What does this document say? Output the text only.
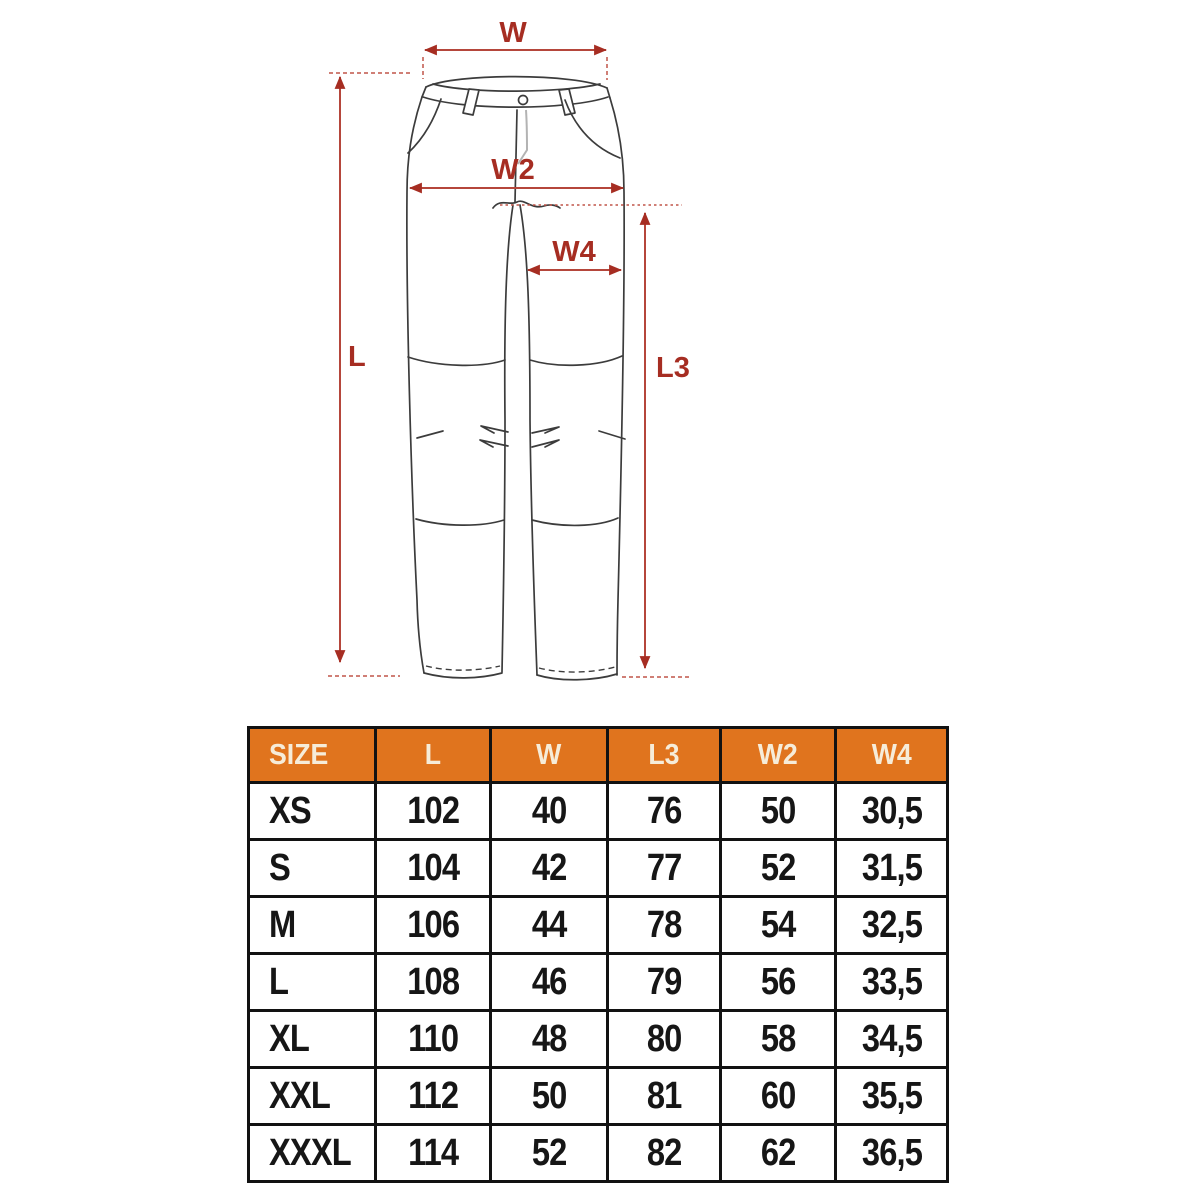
W
L
W2
W4
L3
SIZE	L	W	L3	W2	W4
XS	102	40	76	50	30,5
S	104	42	77	52	31,5
M	106	44	78	54	32,5
L	108	46	79	56	33,5
XL	110	48	80	58	34,5
XXL	112	50	81	60	35,5
XXXL	114	52	82	62	36,5
